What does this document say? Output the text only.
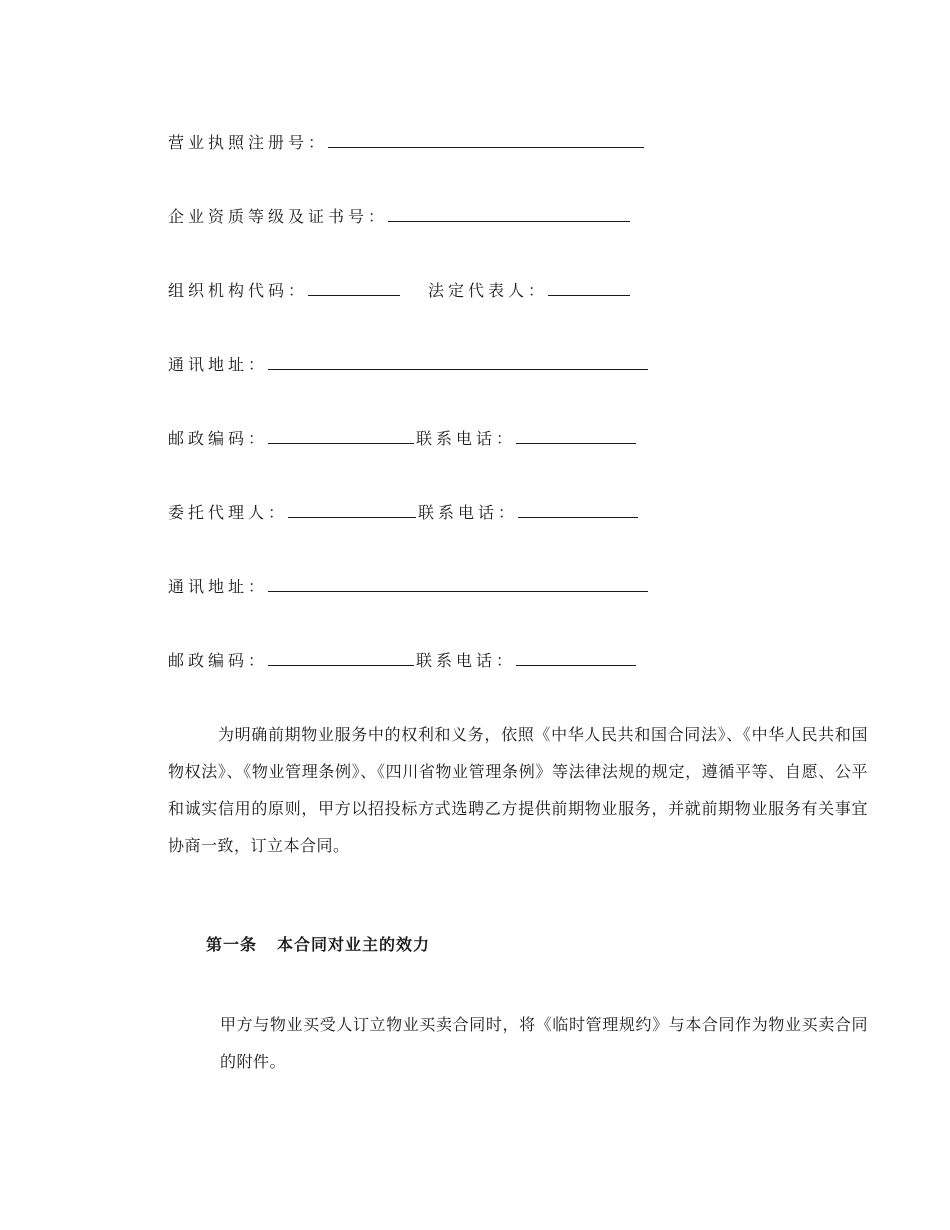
营业执照注册号：
企业资质等级及证书号：
组织机构代码：	法定代表人：
通讯地址：
邮政编码：	联系电话：
委托代理人：	联系电话：
通讯地址：
邮政编码：	联系电话：
为明确前期物业服务中的权利和义务，依照《中华人民共和国合同法》、《中华人民共和国物权法》、《物业管理条例》、《四川省物业管理条例》等法律法规的规定，遵循平等、自愿、公平和诚实信用的原则，甲方以招投标方式选聘乙方提供前期物业服务，并就前期物业服务有关事宜协商一致，订立本合同。
第一条 本合同对业主的效力
甲方与物业买受人订立物业买卖合同时，将《临时管理规约》与本合同作为物业买卖合同的附件。
